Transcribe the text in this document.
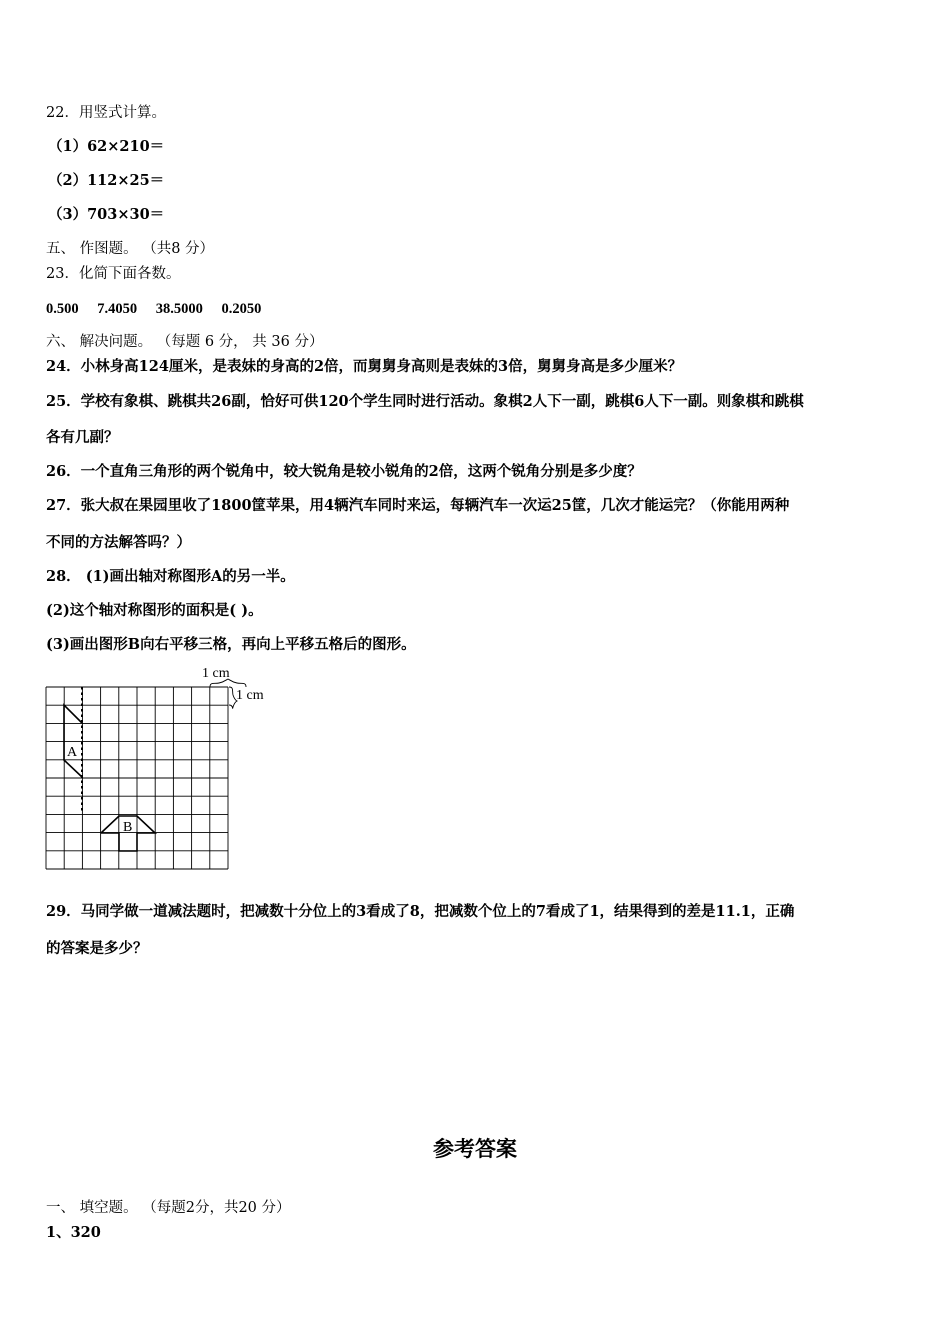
22．用竖式计算。
（1）62×210＝
（2）112×25＝
（3）703×30＝
五、 作图题。 （共8 分）
23．化简下面各数。
0.500 7.4050 38.5000 0.2050
六、 解决问题。 （每题 6 分， 共 36 分）
24．小林身高124厘米，是表妹的身高的2倍，而舅舅身高则是表妹的3倍，舅舅身高是多少厘米？
25．学校有象棋、跳棋共26副，恰好可供120个学生同时进行活动。象棋2人下一副，跳棋6人下一副。则象棋和跳棋
各有几副？
26．一个直角三角形的两个锐角中，较大锐角是较小锐角的2倍，这两个锐角分别是多少度？
27．张大叔在果园里收了1800筐苹果，用4辆汽车同时来运，每辆汽车一次运25筐，几次才能运完？（你能用两种
不同的方法解答吗？）
28． (1)画出轴对称图形A的另一半。
(2)这个轴对称图形的面积是( )。
(3)画出图形B向右平移三格，再向上平移五格后的图形。
A
B
1 cm
1 cm
29．马同学做一道减法题时，把减数十分位上的3看成了8，把减数个位上的7看成了1，结果得到的差是11.1，正确
的答案是多少？
参考答案
一、 填空题。 （每题2分，共20 分）
1、320
